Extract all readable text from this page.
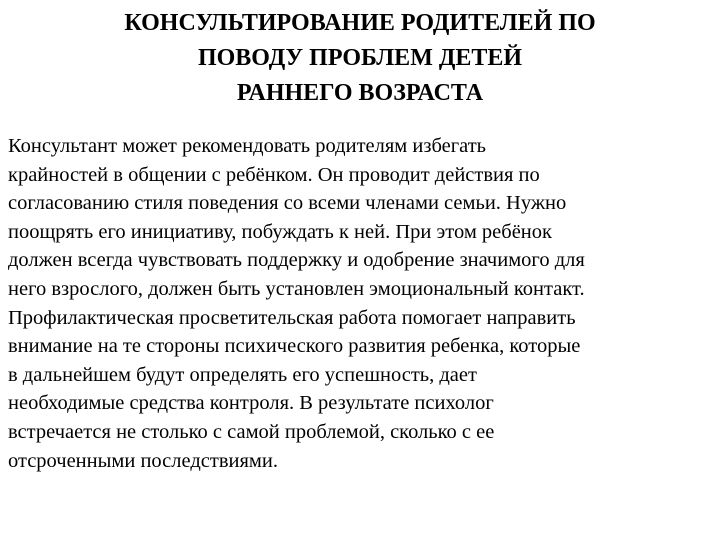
КОНСУЛЬТИРОВАНИЕ РОДИТЕЛЕЙ ПО
ПОВОДУ ПРОБЛЕМ ДЕТЕЙ
РАННЕГО ВОЗРАСТА
Консультант может рекомендовать родителям избегать
крайностей в общении с ребёнком. Он проводит действия по
согласованию стиля поведения со всеми членами семьи. Нужно
поощрять его инициативу, побуждать к ней. При этом ребёнок
должен всегда чувствовать поддержку и одобрение значимого для
него взрослого, должен быть установлен эмоциональный контакт.
Профилактическая просветительская работа помогает направить
внимание на те стороны психического развития ребенка, которые
в дальнейшем будут определять его успешность, дает
необходимые средства контроля. В результате психолог
встречается не столько с самой проблемой, сколько с ее
отсроченными последствиями.
